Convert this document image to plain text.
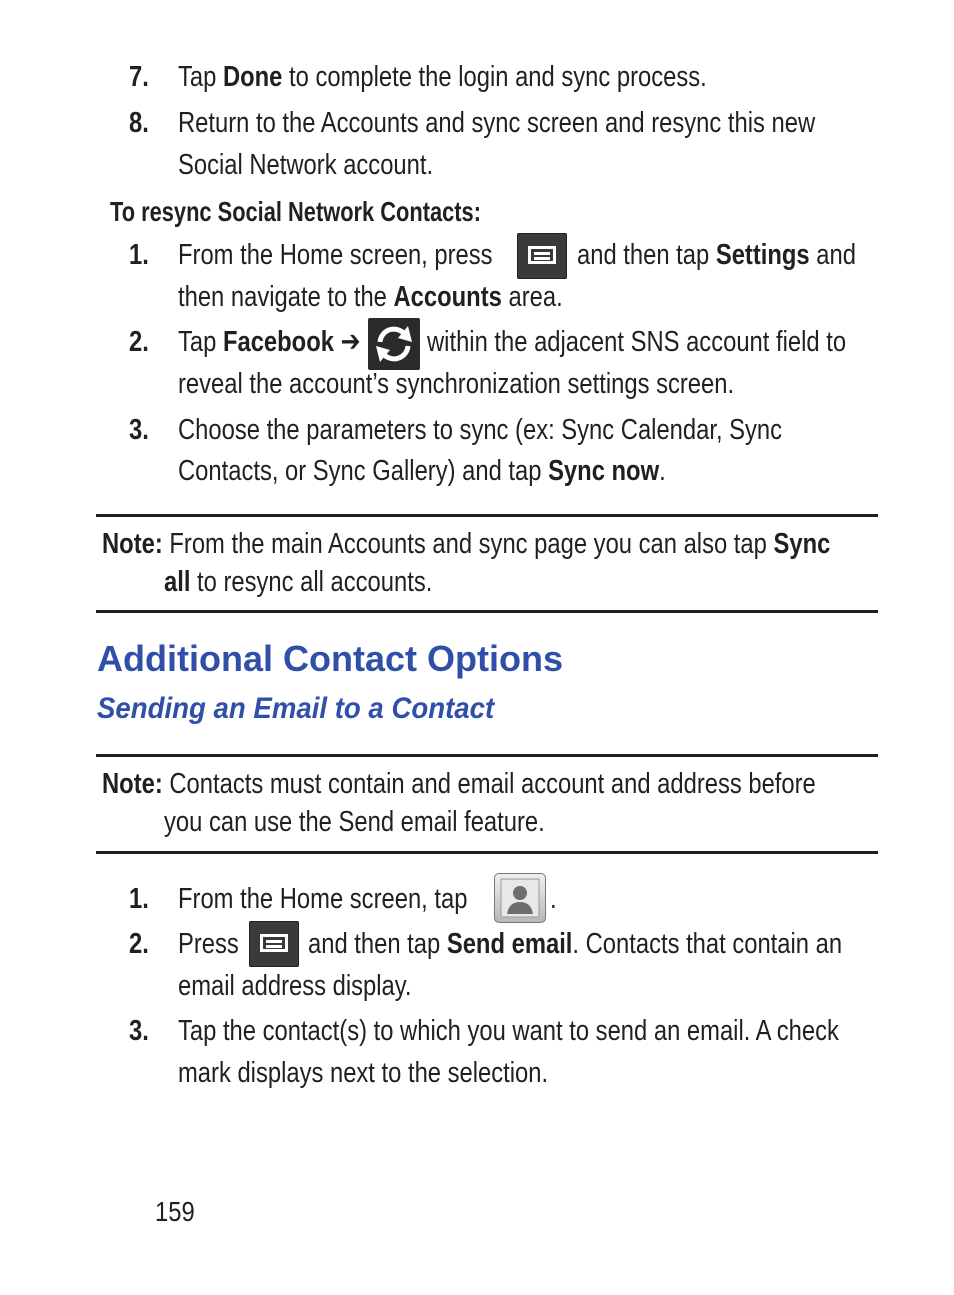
7. Tap Done to complete the login and sync process.
8. Return to the Accounts and sync screen and resync this new
Social Network account.
To resync Social Network Contacts:
1. From the Home screen, press	and then tap Settings and
then navigate to the Accounts area.
2. Tap Facebook ➔ within the adjacent SNS account field to
reveal the account’s synchronization settings screen.
3. Choose the parameters to sync (ex: Sync Calendar, Sync
Contacts, or Sync Gallery) and tap Sync now.
Note: From the main Accounts and sync page you can also tap Sync
all to resync all accounts.
Additional Contact Options
Sending an Email to a Contact
Note: Contacts must contain and email account and address before
you can use the Send email feature.
1. From the Home screen, tap	.
2. Press and then tap Send email. Contacts that contain an
email address display.
3. Tap the contact(s) to which you want to send an email. A check
mark displays next to the selection.
159
